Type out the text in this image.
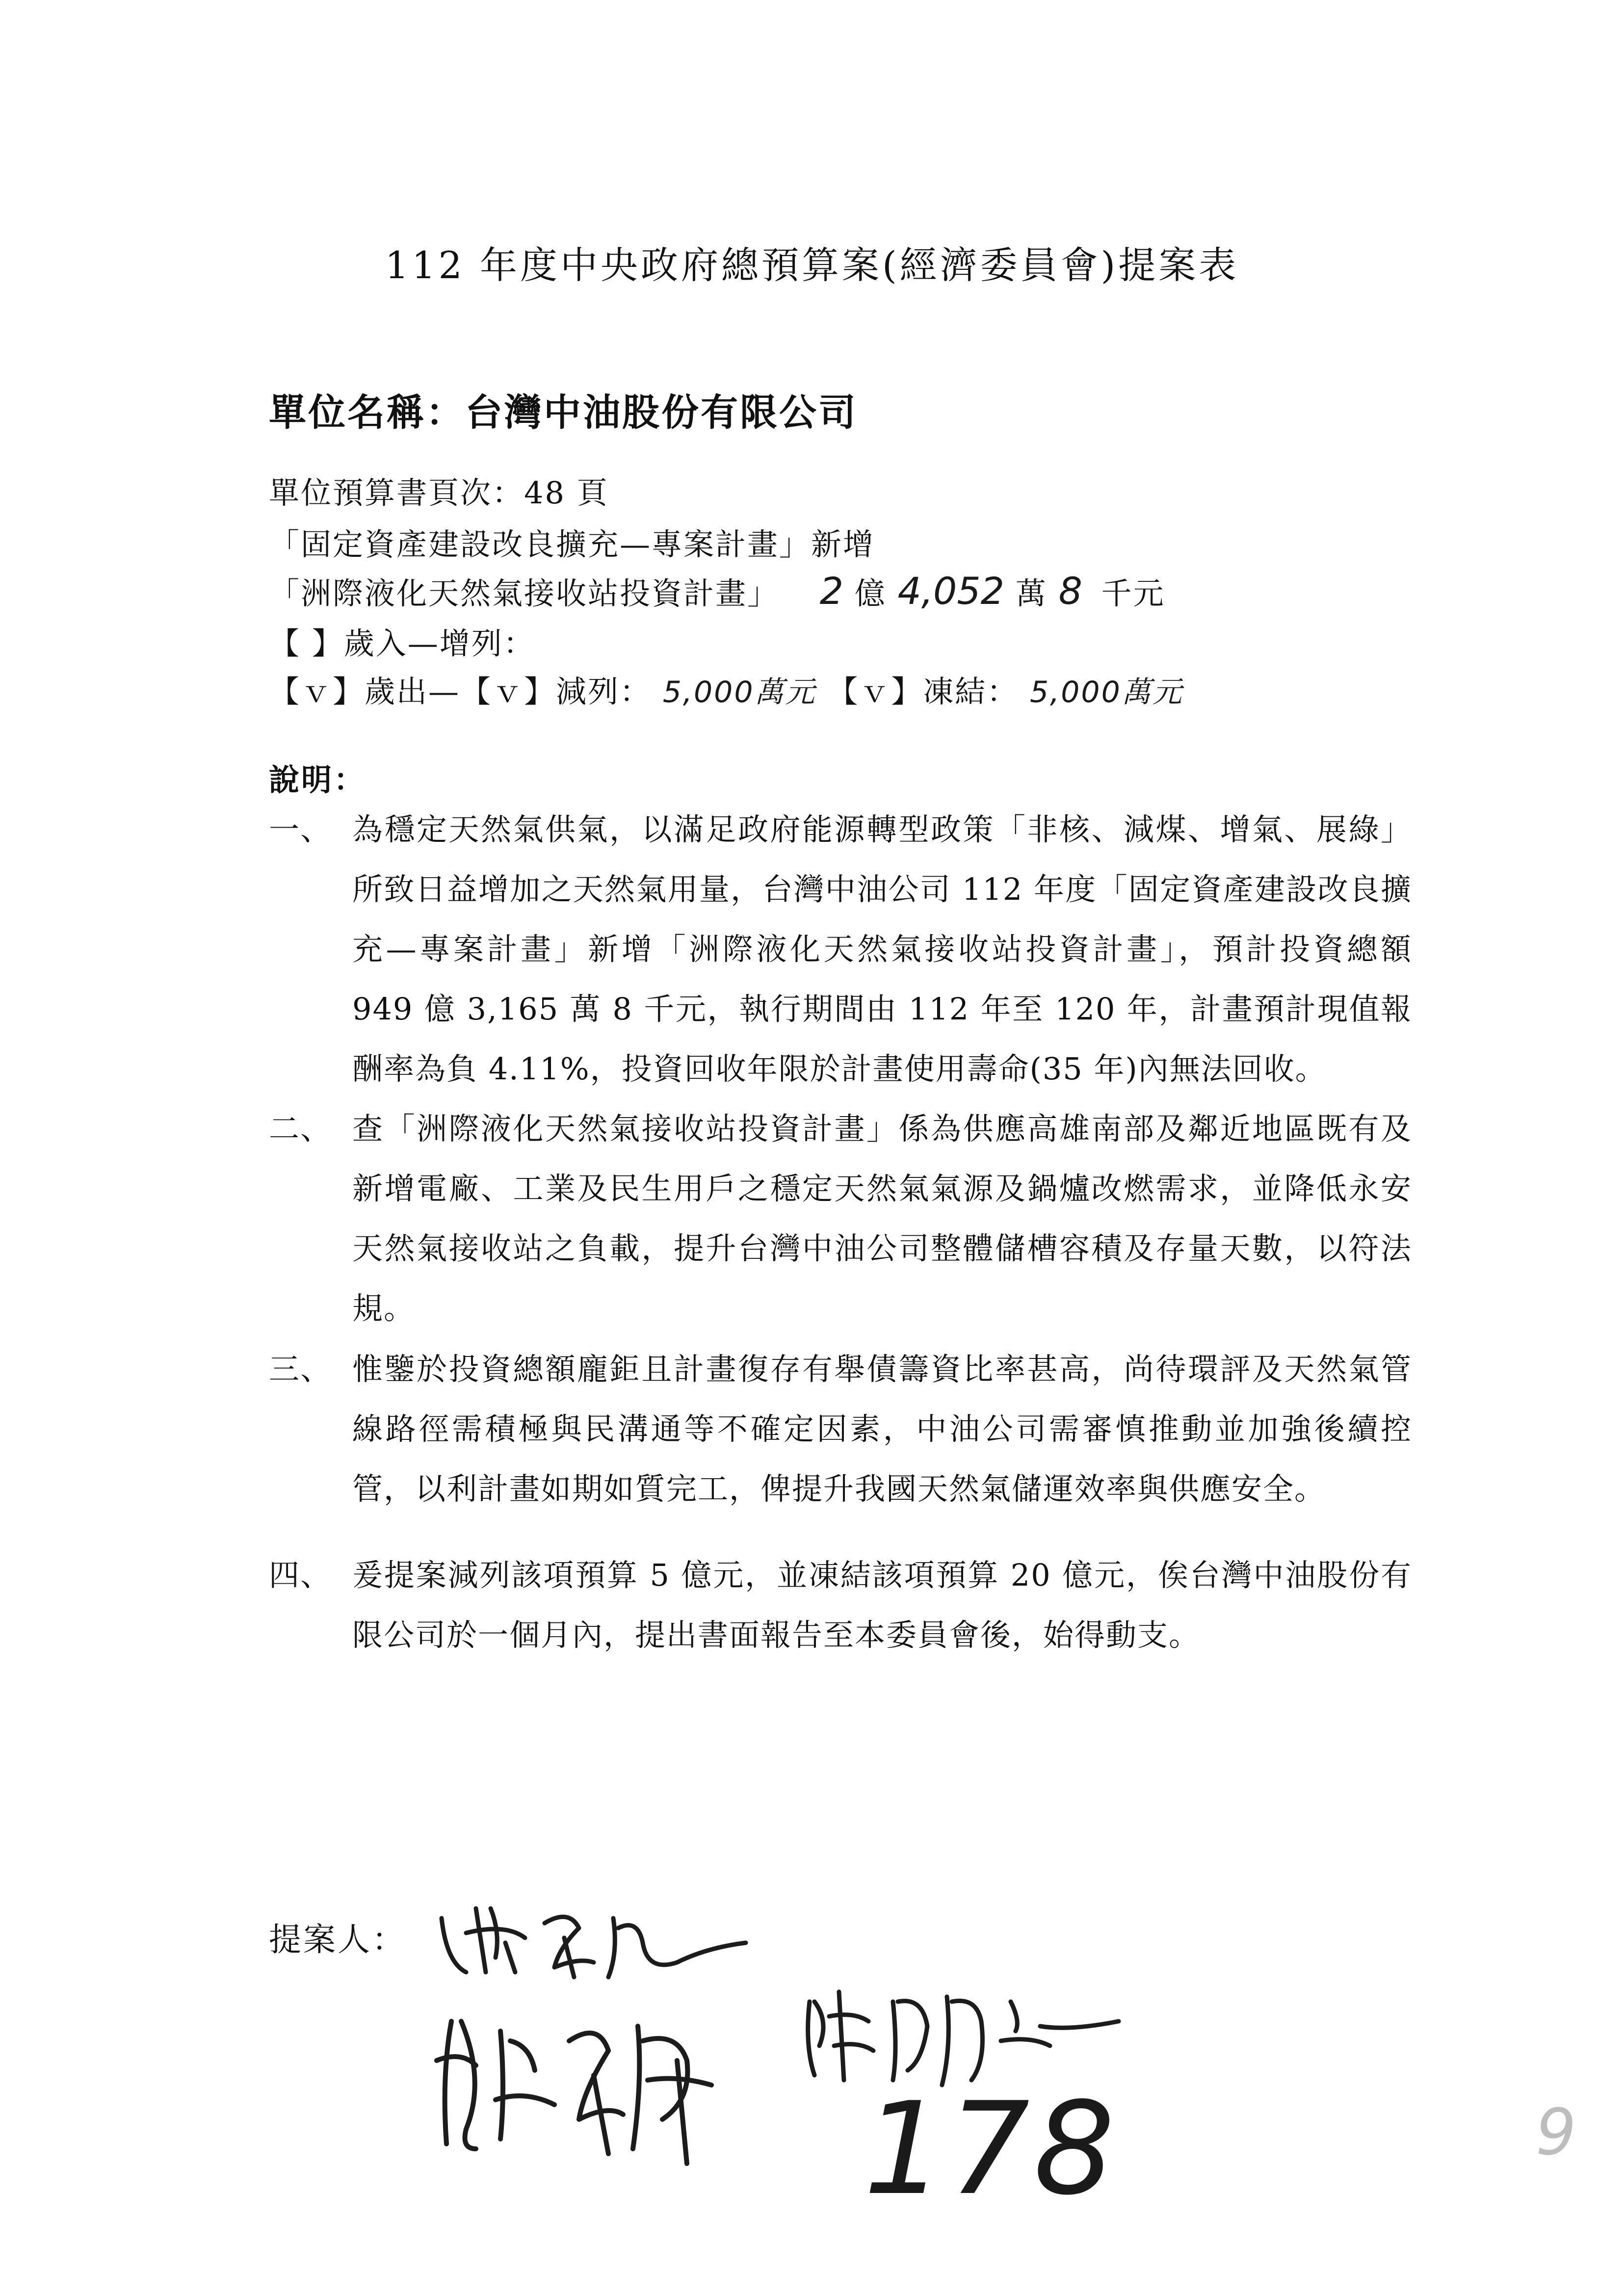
112 年度中央政府總預算案(經濟委員會)提案表
單位名稱：台灣中油股份有限公司
單位預算書頁次：48 頁
「固定資產建設改良擴充—專案計畫」新增
「洲際液化天然氣接收站投資計畫」 2 億 4,052 萬 8 千元
【 】歲入—增列：
【ｖ】歲出—【ｖ】減列： 5,000萬元 【ｖ】凍結： 5,000萬元
說明：
一、 為穩定天然氣供氣，以滿足政府能源轉型政策「非核、減煤、增氣、展綠」所致日益增加之天然氣用量，台灣中油公司 112 年度「固定資產建設改良擴充—專案計畫」新增「洲際液化天然氣接收站投資計畫」，預計投資總額 949 億 3,165 萬 8 千元，執行期間由 112 年至 120 年，計畫預計現值報酬率為負 4.11%，投資回收年限於計畫使用壽命(35 年)內無法回收。
二、 查「洲際液化天然氣接收站投資計畫」係為供應高雄南部及鄰近地區既有及新增電廠、工業及民生用戶之穩定天然氣氣源及鍋爐改燃需求，並降低永安天然氣接收站之負載，提升台灣中油公司整體儲槽容積及存量天數，以符法規。
三、 惟鑒於投資總額龐鉅且計畫復存有舉債籌資比率甚高，尚待環評及天然氣管線路徑需積極與民溝通等不確定因素，中油公司需審慎推動並加強後續控管，以利計畫如期如質完工，俾提升我國天然氣儲運效率與供應安全。
四、 爰提案減列該項預算 5 億元，並凍結該項預算 20 億元，俟台灣中油股份有限公司於一個月內，提出書面報告至本委員會後，始得動支。
提案人：
178	9
